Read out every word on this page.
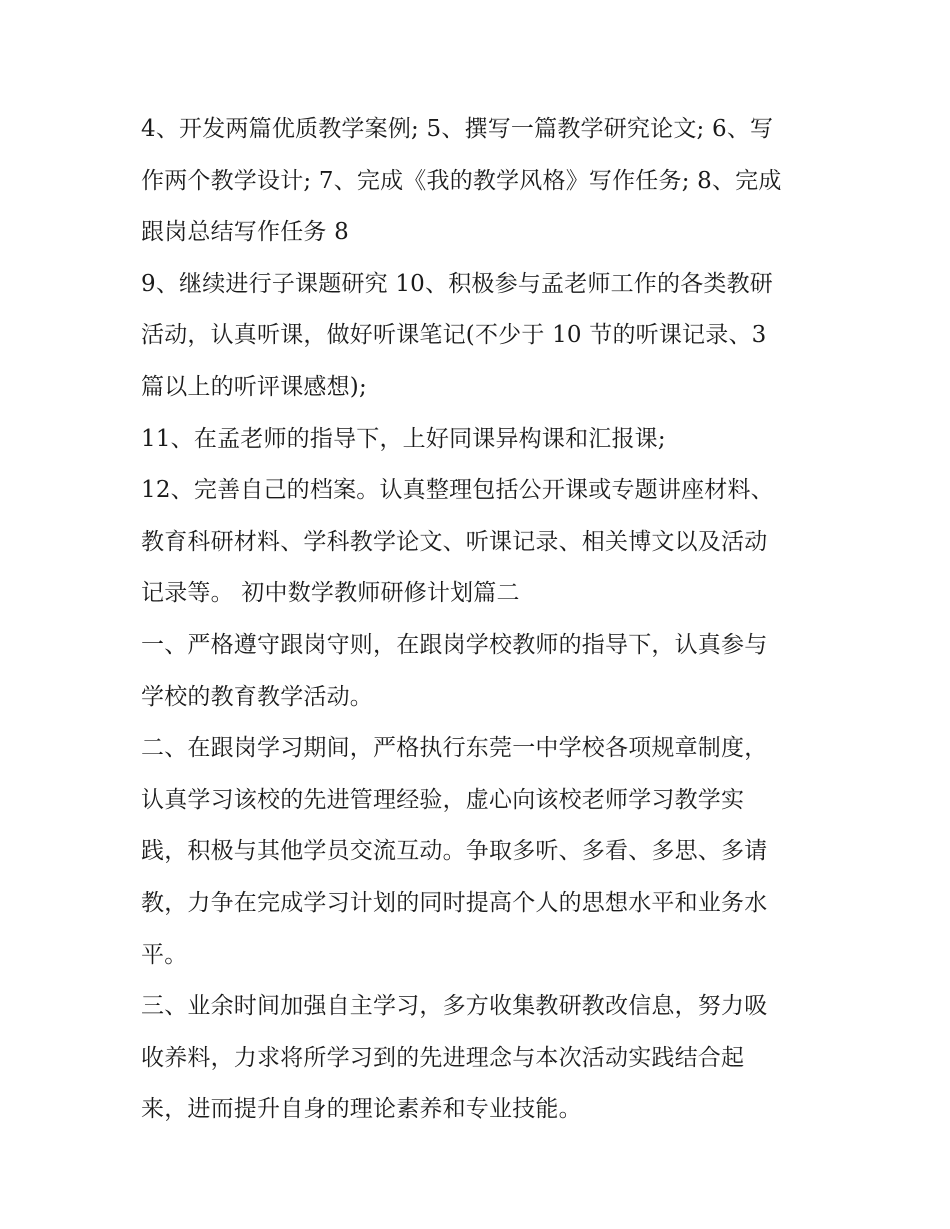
4、开发两篇优质教学案例; 5、撰写一篇教学研究论文; 6、写
作两个教学设计; 7、完成《我的教学风格》写作任务; 8、完成
跟岗总结写作任务 8

9、继续进行子课题研究 10、积极参与孟老师工作的各类教研
活动，认真听课，做好听课笔记(不少于 10 节的听课记录、3
篇以上的听评课感想);

11、在孟老师的指导下，上好同课异构课和汇报课;

12、完善自己的档案。认真整理包括公开课或专题讲座材料、
教育科研材料、学科教学论文、听课记录、相关博文以及活动
记录等。 初中数学教师研修计划篇二

一、严格遵守跟岗守则，在跟岗学校教师的指导下，认真参与
学校的教育教学活动。

二、在跟岗学习期间，严格执行东莞一中学校各项规章制度，
认真学习该校的先进管理经验，虚心向该校老师学习教学实
践，积极与其他学员交流互动。争取多听、多看、多思、多请
教，力争在完成学习计划的同时提高个人的思想水平和业务水
平。

三、业余时间加强自主学习，多方收集教研教改信息，努力吸
收养料，力求将所学习到的先进理念与本次活动实践结合起
来，进而提升自身的理论素养和专业技能。
